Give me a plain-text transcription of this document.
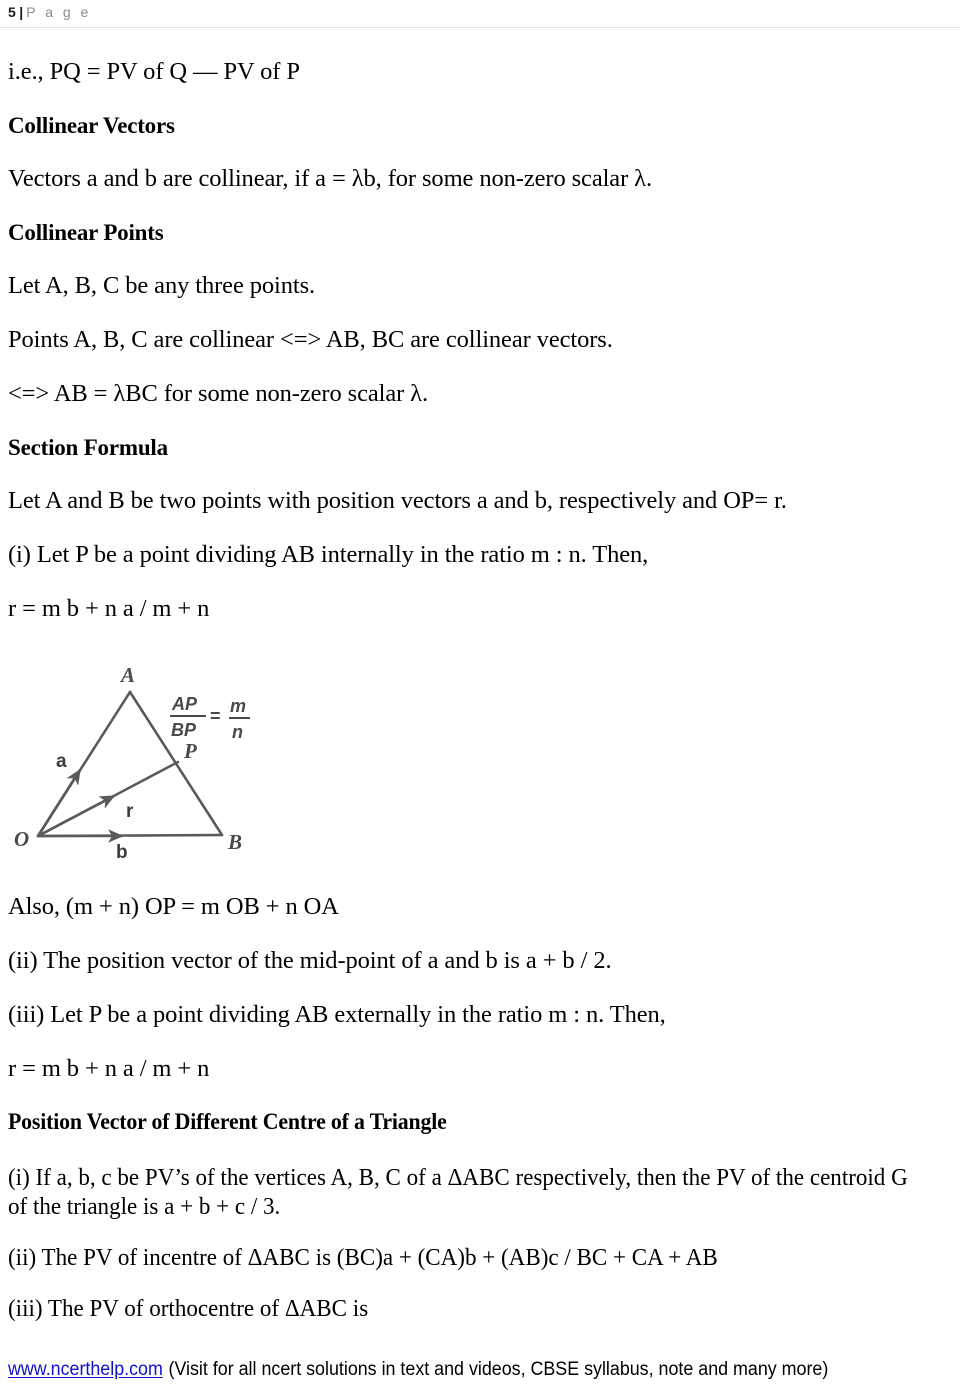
5 | P a g e

i.e., PQ = PV of Q — PV of P

Collinear Vectors

Vectors a and b are collinear, if a = λb, for some non-zero scalar λ.

Collinear Points

Let A, B, C be any three points.

Points A, B, C are collinear <=> AB, BC are collinear vectors.

<=> AB = λBC for some non-zero scalar λ.

Section Formula

Let A and B be two points with position vectors a and b, respectively and OP= r.

(i) Let P be a point dividing AB internally in the ratio m : n. Then,

r = m b + n a / m + n

A
O	B
P
a
b
r
AP
BP
= m
n

Also, (m + n) OP = m OB + n OA

(ii) The position vector of the mid-point of a and b is a + b / 2.

(iii) Let P be a point dividing AB externally in the ratio m : n. Then,

r = m b + n a / m + n

Position Vector of Different Centre of a Triangle

(i) If a, b, c be PV’s of the vertices A, B, C of a ΔABC respectively, then the PV of the centroid G of the triangle is a + b + c / 3.

(ii) The PV of incentre of ΔABC is (BC)a + (CA)b + (AB)c / BC + CA + AB

(iii) The PV of orthocentre of ΔABC is

www.ncerthelp.com (Visit for all ncert solutions in text and videos, CBSE syllabus, note and many more)
